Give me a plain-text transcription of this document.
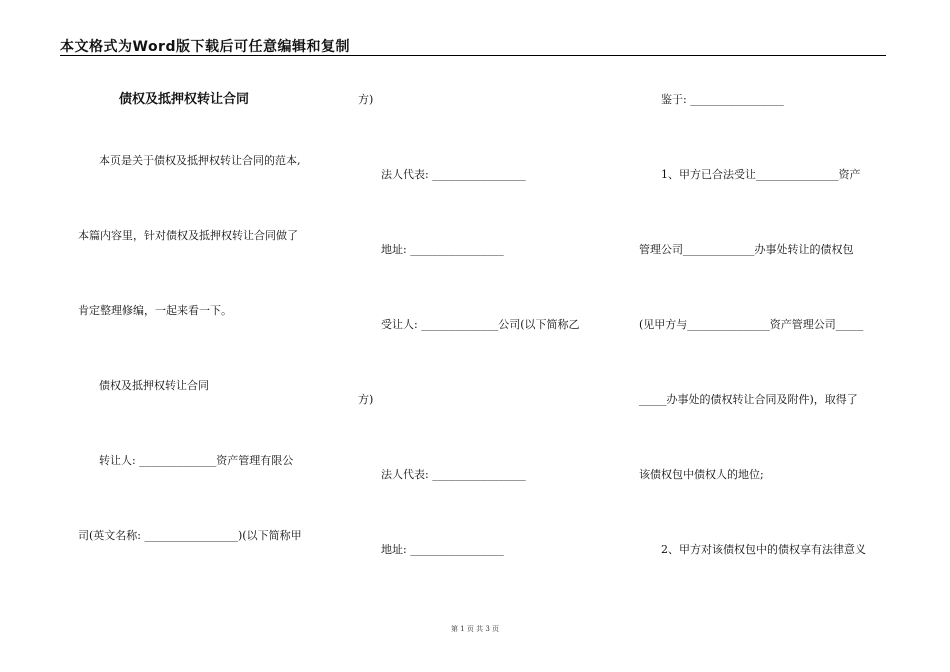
本文格式为Word版下载后可任意编辑和复制
债权及抵押权转让合同
本页是关于债权及抵押权转让合同的范本,
本篇内容里，针对债权及抵押权转让合同做了
肯定整理修编，一起来看一下。
债权及抵押权转让合同
转让人: ______________资产管理有限公
司(英文名称: _________________)(以下简称甲
方)
法人代表: _________________
地址: _________________
受让人: ______________公司(以下简称乙
方)
法人代表: _________________
地址: _________________
鉴于: _________________
1、甲方已合法受让_______________资产
管理公司_____________办事处转让的债权包
(见甲方与_______________资产管理公司_____
_____办事处的债权转让合同及附件)，取得了
该债权包中债权人的地位;
2、甲方对该债权包中的债权享有法律意义
第 1 页 共 3 页
